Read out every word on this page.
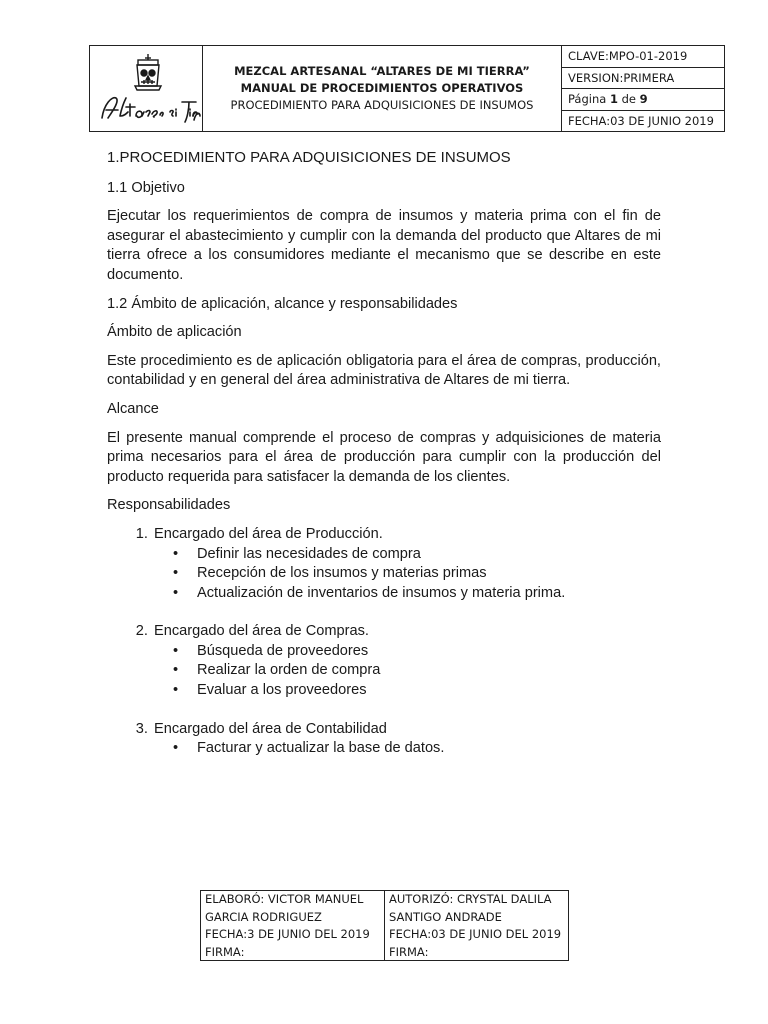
MEZCAL ARTESANAL “ALTARES DE MI TIERRA”
MANUAL DE PROCEDIMIENTOS OPERATIVOS
PROCEDIMIENTO PARA ADQUISICIONES DE INSUMOS
CLAVE:MPO-01-2019
VERSION:PRIMERA
Página
1
de
9
FECHA:03 DE JUNIO 2019

1.PROCEDIMIENTO PARA ADQUISICIONES DE INSUMOS

1.1 Objetivo

Ejecutar los requerimientos de compra de insumos y materia prima con el fin de asegurar el abastecimiento y cumplir con la demanda del producto que Altares de mi tierra ofrece a los consumidores mediante el mecanismo que se describe en este documento.

1.2 Ámbito de aplicación, alcance y responsabilidades

Ámbito de aplicación

Este procedimiento es de aplicación obligatoria para el área de compras, producción, contabilidad y en general del área administrativa de Altares de mi tierra.

Alcance

El presente manual comprende el proceso de compras y adquisiciones de materia prima necesarios para el área de producción para cumplir con la producción del producto requerida para satisfacer la demanda de los clientes.

Responsabilidades

1. Encargado del área de Producción.
• Definir las necesidades de compra
• Recepción de los insumos y materias primas
• Actualización de inventarios de insumos y materia prima.
2. Encargado del área de Compras.
• Búsqueda de proveedores
• Realizar la orden de compra
• Evaluar a los proveedores
3. Encargado del área de Contabilidad
• Facturar y actualizar la base de datos.
ELABORÓ: VICTOR MANUEL
GARCIA RODRIGUEZ
FECHA:3 DE JUNIO DEL 2019
FIRMA:
AUTORIZÓ: CRYSTAL DALILA
SANTIGO ANDRADE
FECHA:03 DE JUNIO DEL 2019
FIRMA:
